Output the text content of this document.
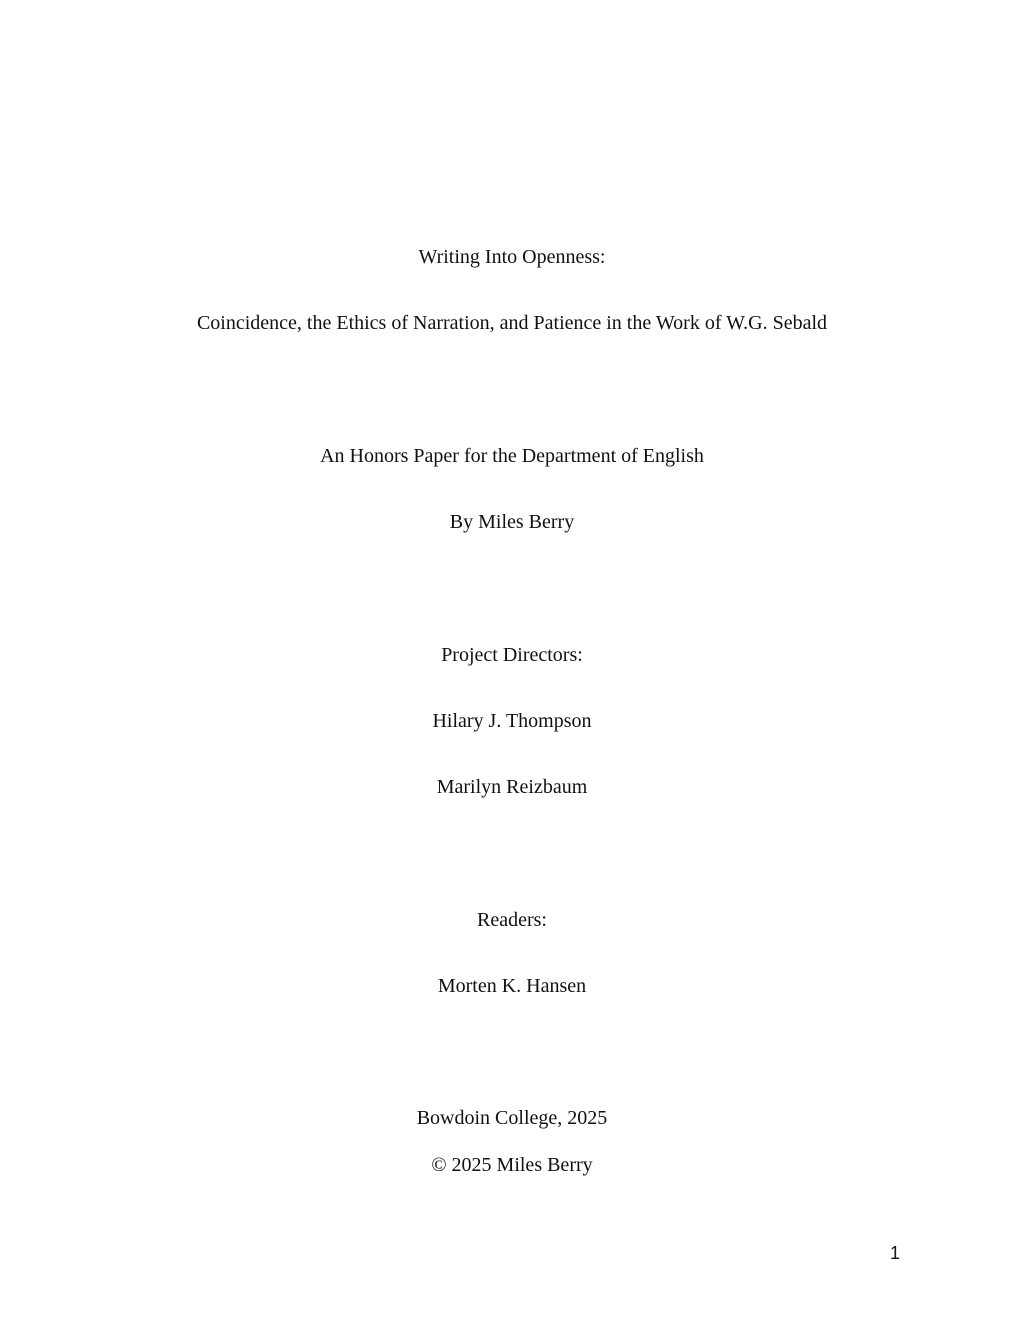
Writing Into Openness:
Coincidence, the Ethics of Narration, and Patience in the Work of W.G. Sebald
An Honors Paper for the Department of English
By Miles Berry
Project Directors:
Hilary J. Thompson
Marilyn Reizbaum
Readers:
Morten K. Hansen
Bowdoin College, 2025
© 2025 Miles Berry
1
